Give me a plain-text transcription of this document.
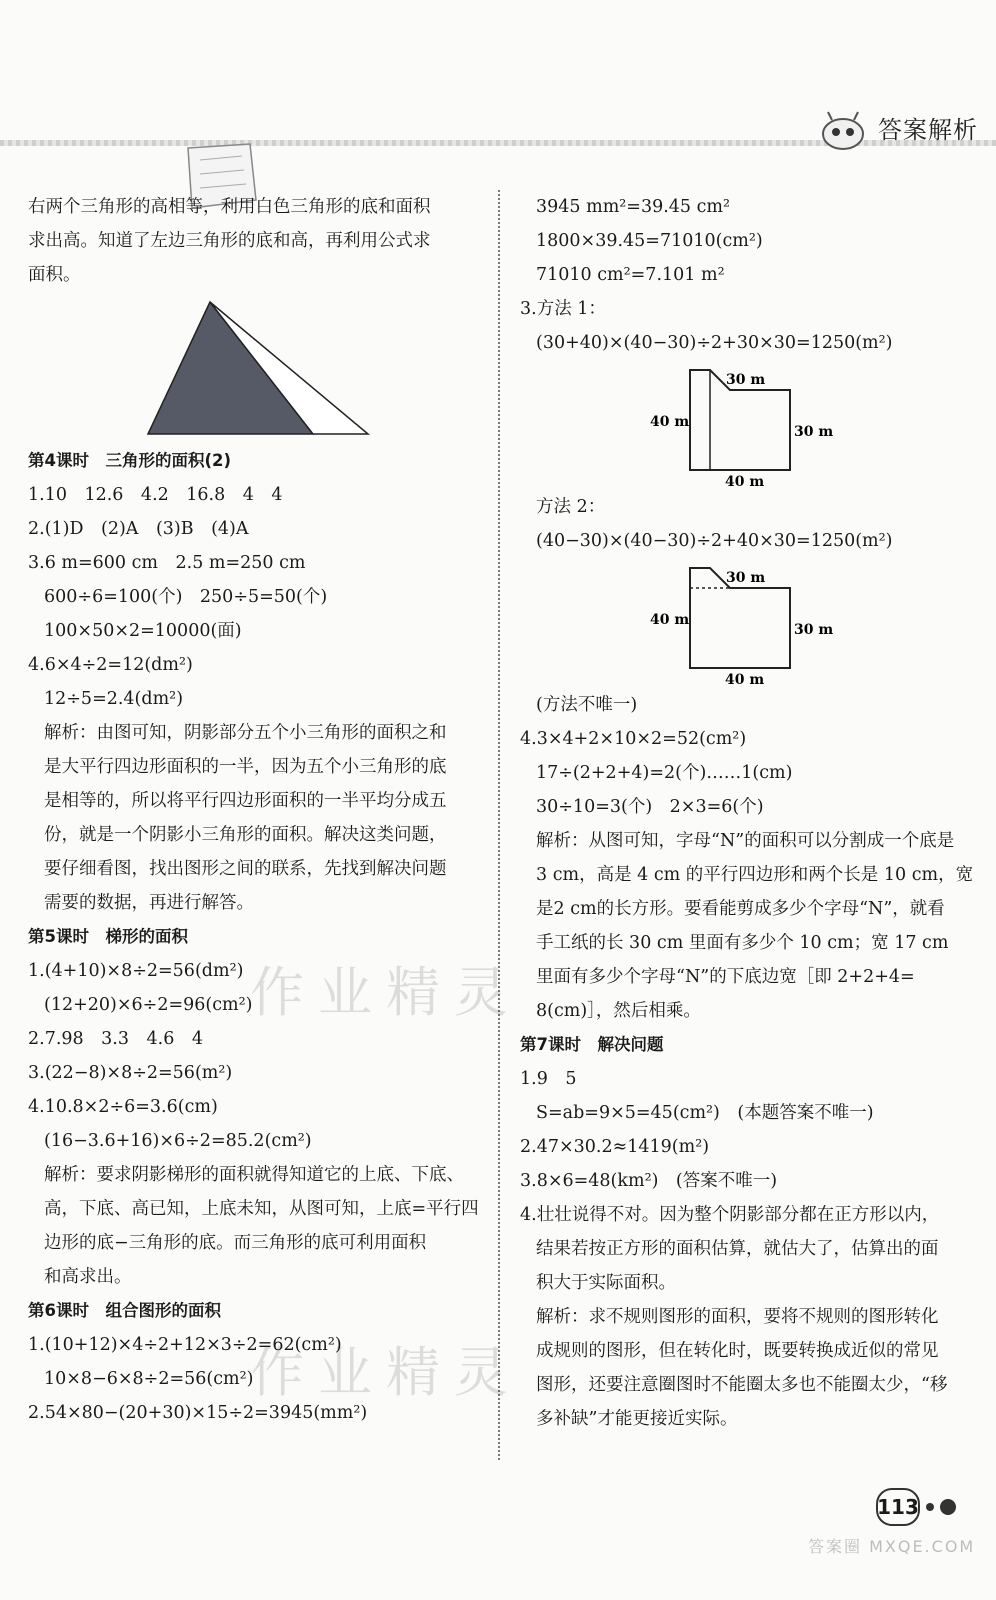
答案解析
作业精灵
作业精灵
右两个三角形的高相等，利用白色三角形的底和面积
求出高。知道了左边三角形的底和高，再利用公式求
面积。
第4课时　三角形的面积(2)
1.10　12.6　4.2　16.8　4　4
2.(1)D　(2)A　(3)B　(4)A
3.6 m=600 cm　2.5 m=250 cm
600÷6=100(个)　250÷5=50(个)
100×50×2=10000(面)
4.6×4÷2=12(dm²)
12÷5=2.4(dm²)
解析：由图可知，阴影部分五个小三角形的面积之和
是大平行四边形面积的一半，因为五个小三角形的底
是相等的，所以将平行四边形面积的一半平均分成五
份，就是一个阴影小三角形的面积。解决这类问题，
要仔细看图，找出图形之间的联系，先找到解决问题
需要的数据，再进行解答。
第5课时　梯形的面积
1.(4+10)×8÷2=56(dm²)
(12+20)×6÷2=96(cm²)
2.7.98　3.3　4.6　4
3.(22−8)×8÷2=56(m²)
4.10.8×2÷6=3.6(cm)
(16−3.6+16)×6÷2=85.2(cm²)
解析：要求阴影梯形的面积就得知道它的上底、下底、
高，下底、高已知，上底未知，从图可知，上底=平行四
边形的底−三角形的底。而三角形的底可利用面积
和高求出。
第6课时　组合图形的面积
1.(10+12)×4÷2+12×3÷2=62(cm²)
10×8−6×8÷2=56(cm²)
2.54×80−(20+30)×15÷2=3945(mm²)
3945 mm²=39.45 cm²
1800×39.45=71010(cm²)
71010 cm²=7.101 m²
3.方法 1：
(30+40)×(40−30)÷2+30×30=1250(m²)
30 m
40 m
30 m
40 m
方法 2：
(40−30)×(40−30)÷2+40×30=1250(m²)
30 m
40 m
30 m
40 m
(方法不唯一)
4.3×4+2×10×2=52(cm²)
17÷(2+2+4)=2(个)……1(cm)
30÷10=3(个)　2×3=6(个)
解析：从图可知，字母“N”的面积可以分割成一个底是
3 cm，高是 4 cm 的平行四边形和两个长是 10 cm，宽
是2 cm的长方形。要看能剪成多少个字母“N”，就看
手工纸的长 30 cm 里面有多少个 10 cm；宽 17 cm
里面有多少个字母“N”的下底边宽［即 2+2+4=
8(cm)］，然后相乘。
第7课时　解决问题
1.9　5
S=ab=9×5=45(cm²)　(本题答案不唯一)
2.47×30.2≈1419(m²)
3.8×6=48(km²)　(答案不唯一)
4.壮壮说得不对。因为整个阴影部分都在正方形以内，
结果若按正方形的面积估算，就估大了，估算出的面
积大于实际面积。
解析：求不规则图形的面积，要将不规则的图形转化
成规则的图形，但在转化时，既要转换成近似的常见
图形，还要注意圈图时不能圈太多也不能圈太少，“移
多补缺”才能更接近实际。
113
答案圈 MXQE.COM
